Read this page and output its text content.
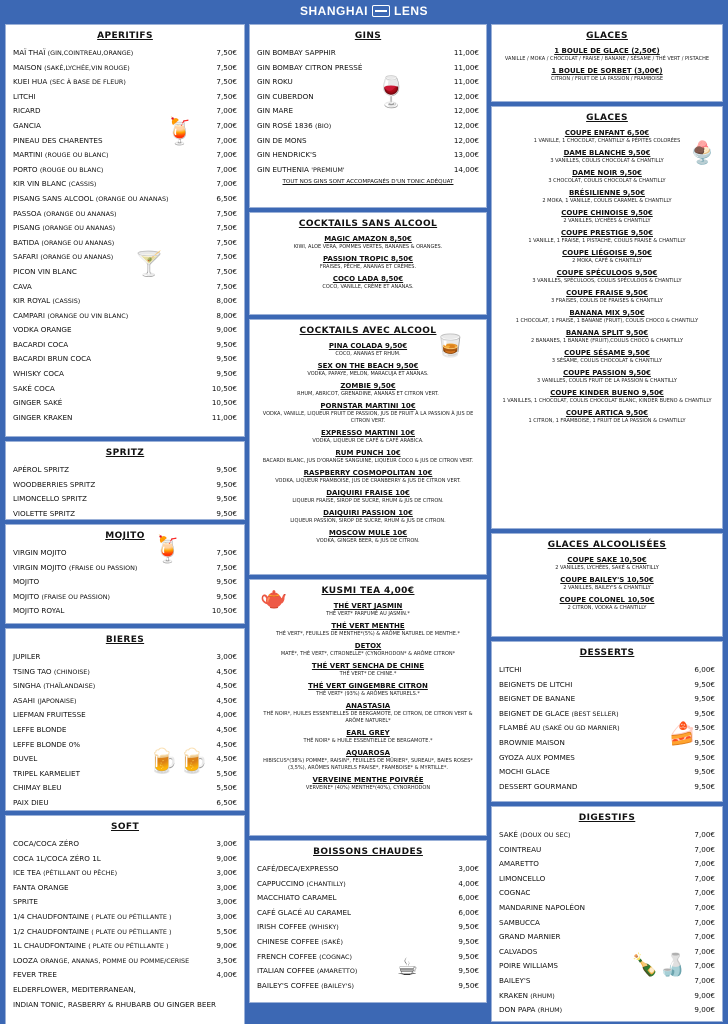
SHANGHAI LENS
APERITIFS
MAÏ THAÏ (GIN,COINTREAU,ORANGE)	7,50€
MAISON (SAKÉ,LYCHÉE,VIN ROUGE)	7,50€
KUEI HUA (SEC À BASE DE FLEUR)	7,50€
LITCHI	7,50€
RICARD	7,00€
GANCIA	7,00€
PINEAU DES CHARENTES	7,00€
MARTINI (ROUGE OU BLANC)	7,00€
PORTO (ROUGE OU BLANC)	7,00€
KIR VIN BLANC (CASSIS)	7,00€
PISANG SANS ALCOOL (ORANGE OU ANANAS)	6,50€
PASSOA (ORANGE OU ANANAS)	7,50€
PISANG (ORANGE OU ANANAS)	7,50€
BATIDA (ORANGE OU ANANAS)	7,50€
SAFARI (ORANGE OU ANANAS)	7,50€
PICON VIN BLANC	7,50€
CAVA	7,50€
KIR ROYAL (CASSIS)	8,00€
CAMPARI (ORANGE OU VIN BLANC)	8,00€
VODKA ORANGE	9,00€
BACARDI COCA	9,50€
BACARDI BRUN COCA	9,50€
WHISKY COCA	9,50€
SAKÉ COCA	10,50€
GINGER SAKÉ	10,50€
GINGER KRAKEN	11,00€
🍹
🍸
SPRITZ
APÉROL SPRITZ	9,50€
WOODBERRIES SPRITZ	9,50€
LIMONCELLO SPRITZ	9,50€
VIOLETTE SPRITZ	9,50€
MOJITO
VIRGIN MOJITO	7,50€
VIRGIN MOJITO (FRAISE OU PASSION)	7,50€
MOJITO	9,50€
MOJITO (FRAISE OU PASSION)	9,50€
MOJITO ROYAL	10,50€
🍹
BIERES
JUPILER	3,00€
TSING TAO (CHINOISE)	4,50€
SINGHA (THAÏLANDAISE)	4,50€
ASAHI (JAPONAISE)	4,50€
LIEFMAN FRUITESSE	4,00€
LEFFE BLONDE	4,50€
LEFFE BLONDE 0%	4,50€
DUVEL	4,50€
TRIPEL KARMELIET	5,50€
CHIMAY BLEU	5,50€
PAIX DIEU	6,50€
🍺🍺
SOFT
COCA/COCA ZÉRO	3,00€
COCA 1L/COCA ZÉRO 1L	9,00€
ICE TEA (PÉTILLANT OU PÊCHE)	3,00€
FANTA ORANGE	3,00€
SPRITE	3,00€
1/4 CHAUDFONTAINE ( PLATE OU PÉTILLANTE )	3,00€
1/2 CHAUDFONTAINE ( PLATE OU PÉTILLANTE )	5,50€
1L CHAUDFONTAINE ( PLATE OU PÉTILLANTE )	9,00€
LOOZA ORANGE, ANANAS, POMME OU POMME/CERISE	3,50€
FEVER TREE	4,00€
ELDERFLOWER, MEDITERRANEAN,
INDIAN TONIC, RASBERRY & RHUBARB OU GINGER BEER
GINS
GIN BOMBAY SAPPHIR	11,00€
GIN BOMBAY CITRON PRESSÉ	11,00€
GIN ROKU	11,00€
GIN CUBERDON	12,00€
GIN MARE	12,00€
GIN ROSÉ 1836 (BIO)	12,00€
GIN DE MONS	12,00€
GIN HENDRICK'S	13,00€
GIN EUTHENIA 'PREMIUM'	14,00€
TOUT NOS GINS SONT ACCOMPAGNÉS D'UN TONIC ADÉQUAT
🍷
COCKTAILS SANS ALCOOL
MAGIC AMAZON 8,50€
KIWI, ALOE VERA, POMMES VERTES, BANANES & ORANGES.
PASSION TROPIC 8,50€
FRAISES, PÊCHE, ANANAS ET CRÈMES.
COCO LADA 8,50€
COCO, VANILLE, CRÈME ET ANANAS.
COCKTAILS AVEC ALCOOL
PINA COLADA 9,50€
COCO, ANANAS ET RHUM.
SEX ON THE BEACH 9,50€
VODKA, PAPAYE, MELON, MARACUJA ET ANANAS.
ZOMBIE 9,50€
RHUM, ABRICOT, GRENADINE, ANANAS ET CITRON VERT.
PORNSTAR MARTINI 10€
VODKA, VANILLE, LIQUEUR FRUIT DE PASSION, JUS DE FRUIT À LA PASSION À JUS DE CITRON VERT.
EXPRESSO MARTINI 10€
VODKA, LIQUEUR DE CAFÉ & CAFÉ ARABICA.
RUM PUNCH 10€
BACARDI BLANC, JUS D'ORANGE SANGUINE, LIQUEUR COCO & JUS DE CITRON VERT.
RASPBERRY COSMOPOLITAN 10€
VODKA, LIQUEUR FRAMBOISE, JUS DE CRANBERRY & JUS DE CITRON VERT.
DAIQUIRI FRAISE 10€
LIQUEUR FRAISE, SIROP DE SUCRE, RHUM & JUS DE CITRON.
DAIQUIRI PASSION 10€
LIQUEUR PASSION, SIROP DE SUCRE, RHUM & JUS DE CITRON.
MOSCOW MULE 10€
VODKA, GINGER BEER, & JUS DE CITRON.
🥃
KUSMI TEA 4,00€
THÉ VERT JASMIN
THÉ VERT* PARFUMÉ AU JASMIN.*
THÉ VERT MENTHE
THÉ VERT*, FEUILLES DE MENTHE*(5%) & ARÔME NATUREL DE MENTHE.*
DETOX
MATÉ*, THÉ VERT*, CITRONELLE* (CYNORHODON* & ARÔME CITRON*
THÉ VERT SENCHA DE CHINE
THÉ VERT* DE CHINE.*
THÉ VERT GINGEMBRE CITRON
THÉ VERT* (93%) & ARÔMES NATURELS.*
ANASTASIA
THÉ NOIR*, HUILES ESSENTIELLES DE BERGAMOTE, DE CITRON, DE CITRON VERT & ARÔME NATUREL*
EARL GREY
THÉ NOIR* & HUILE ESSENTIELLE DE BERGAMOTE.*
AQUAROSA
HIBISCUS*(38%) POMME*, RAISIN*, FEUILLES DE MÛRIER*, SUREAU*, BAIES ROSES*(3,5%), ARÔMES NATURELS FRAISE*, FRAMBOISE* & MYRTILLE*.
VERVEINE MENTHE POIVRÉE
VERVEINE* (40%) MENTHE*(40%), CYNORHODON
🫖
BOISSONS CHAUDES
CAFÉ/DECA/EXPRESSO	3,00€
CAPPUCCINO (CHANTILLY)	4,00€
MACCHIATO CARAMEL	6,00€
CAFÉ GLACÉ AU CARAMEL	6,00€
IRISH COFFEE (WHISKY)	9,50€
CHINESE COFFEE (SAKÉ)	9,50€
FRENCH COFFEE (COGNAC)	9,50€
ITALIAN COFFEE (AMARETTO)	9,50€
BAILEY'S COFFEE (BAILEY'S)	9,50€
☕
GLACES
1 BOULE DE GLACE (2,50€)
VANILLE / MOKA / CHOCOLAT / FRAISE / BANANE / SÉSAME / THÉ VERT / PISTACHE
1 BOULE DE SORBET (3,00€)
CITRON / FRUIT DE LA PASSION / FRAMBOISE
GLACES
COUPE ENFANT 6,50€
1 VANILLE, 1 CHOCOLAT, CHANTILLY & PÉPITES COLORÉES
DAME BLANCHE 9,50€
3 VANILLES, COULIS CHOCOLAT & CHANTILLY
DAME NOIR 9,50€
3 CHOCOLAT, COULIS CHOCOLAT & CHANTILLY
BRÉSILIENNE 9,50€
2 MOKA, 1 VANILLE, COULIS CARAMEL & CHANTILLY
COUPE CHINOISE 9,50€
2 VANILLES, LYCHÉES & CHANTILLY
COUPE PRESTIGE 9,50€
1 VANILLE, 1 FRAISE, 1 PISTACHE, COULIS FRAISE & CHANTILLY
COUPE LIÉGOISE 9,50€
2 MOKA, CAFÉ & CHANTILLY
COUPE SPÉCULOOS 9,50€
3 VANILLES, SPÉCULOOS, COULIS SPÉCULOOS & CHANTILLY
COUPE FRAISE 9,50€
3 FRAISES, COULIS DE FRAISES & CHANTILLY
BANANA MIX 9,50€
1 CHOCOLAT, 1 FRAISE, 1 BANANE (FRUIT), COULIS CHOCO & CHANTILLY
BANANA SPLIT 9,50€
2 BANANES, 1 BANANE (FRUIT),COULIS CHOCO & CHANTILLY
COUPE SÉSAME 9,50€
3 SÉSAME, COULIS CHOCOLAT & CHANTILLY
COUPE PASSION 9,50€
3 VANILLES, COULIS FRUIT DE LA PASSION & CHANTILLY
COUPE KINDER BUENO 9,50€
1 VANILLES, 1 CHOCOLAT, COULIS CHOCOLAT BLANC, KINDER BUENO & CHANTILLY
COUPE ARTICA 9,50€
1 CITRON, 1 FRAMBOISE, 1 FRUIT DE LA PASSION & CHANTILLY
🍨
GLACES ALCOOLISÉES
COUPE SAKE 10,50€
2 VANILLES, LYCHÉES, SAKÉ & CHANTILLY
COUPE BAILEY'S 10,50€
2 VANILLES, BAILEY'S & CHANTILLY
COUPE COLONEL 10,50€
2 CITRON, VODKA & CHANTILLY
DESSERTS
LITCHI	6,00€
BEIGNETS DE LITCHI	9,50€
BEIGNET DE BANANE	9,50€
BEIGNET DE GLACE (BEST SELLER)	9,50€
FLAMBÉ AU (SAKÉ OU GD MARNIER)	9,50€
BROWNIE MAISON	9,50€
GYOZA AUX POMMES	9,50€
MOCHI GLACE	9,50€
DESSERT GOURMAND	9,50€
🍰
DIGESTIFS
SAKÉ (DOUX OU SEC)	7,00€
COINTREAU	7,00€
AMARETTO	7,00€
LIMONCELLO	7,00€
COGNAC	7,00€
MANDARINE NAPOLÉON	7,00€
SAMBUCCA	7,00€
GRAND MARNIER	7,00€
CALVADOS	7,00€
POIRE WILLIAMS	7,00€
BAILEY'S	7,00€
KRAKEN (RHUM)	9,00€
DON PAPA (RHUM)	9,00€
🍾🍶
